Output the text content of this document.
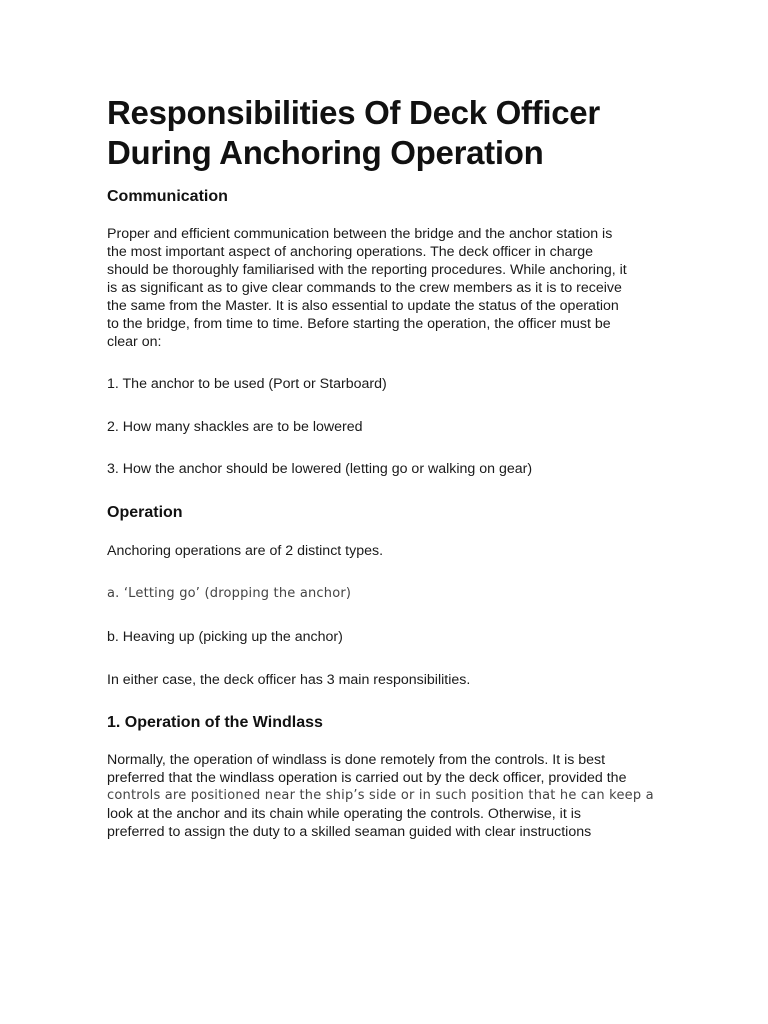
Responsibilities Of Deck Officer
During Anchoring Operation
Communication

Proper and efficient communication between the bridge and the anchor station is
the most important aspect of anchoring operations. The deck officer in charge
should be thoroughly familiarised with the reporting procedures. While anchoring, it
is as significant as to give clear commands to the crew members as it is to receive
the same from the Master. It is also essential to update the status of the operation
to the bridge, from time to time. Before starting the operation, the officer must be
clear on:

1. The anchor to be used (Port or Starboard)
2. How many shackles are to be lowered
3. How the anchor should be lowered (letting go or walking on gear)
Operation
Anchoring operations are of 2 distinct types.
a. ‘Letting go’ (dropping the anchor)
b. Heaving up (picking up the anchor)
In either case, the deck officer has 3 main responsibilities.
1. Operation of the Windlass

Normally, the operation of windlass is done remotely from the controls. It is best
preferred that the windlass operation is carried out by the deck officer, provided the
controls are positioned near the ship’s side or in such position that he can keep a
look at the anchor and its chain while operating the controls. Otherwise, it is
preferred to assign the duty to a skilled seaman guided with clear instructions
